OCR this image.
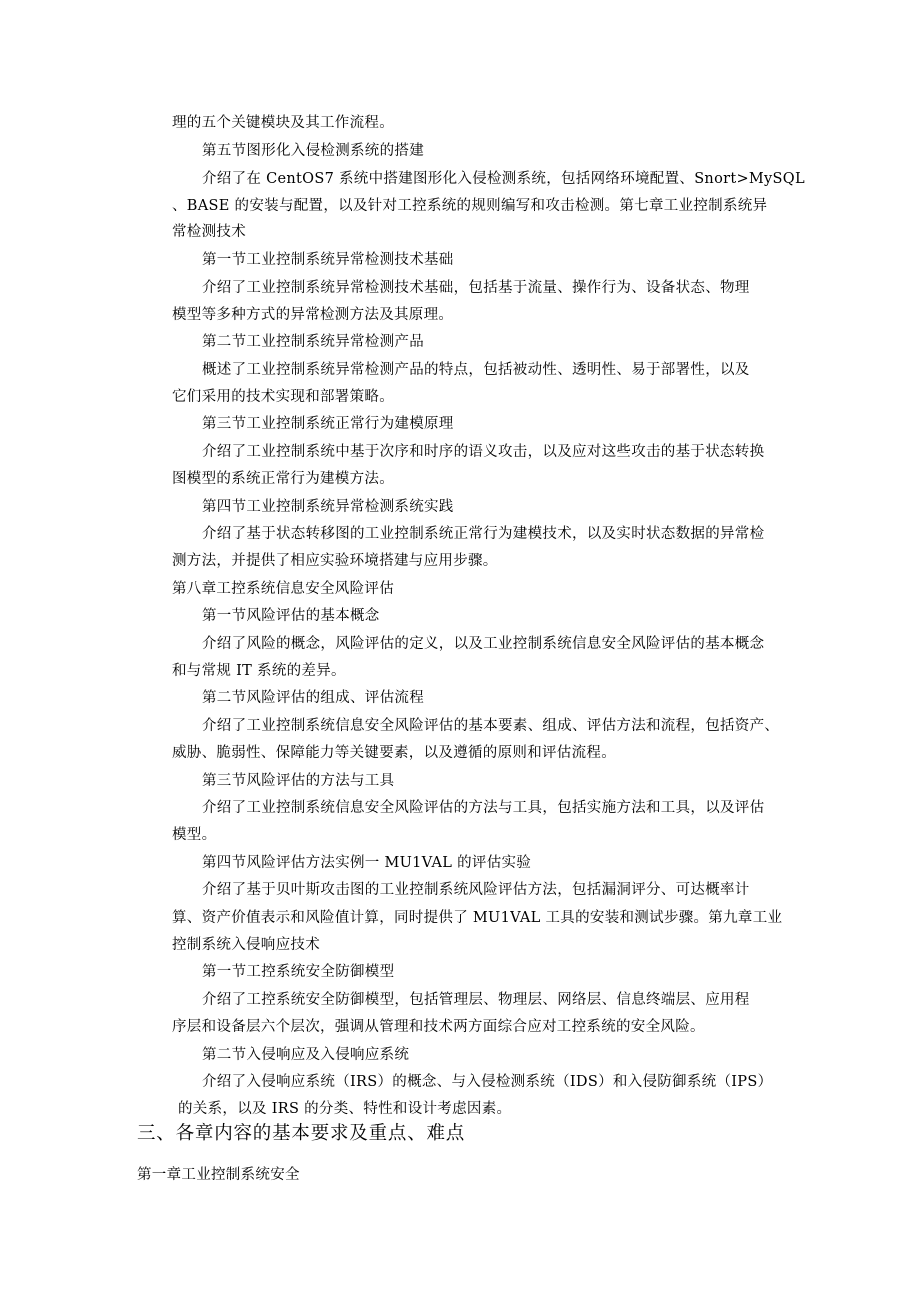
理的五个关键模块及其工作流程。
第五节图形化入侵检测系统的搭建
介绍了在 CentOS7 系统中搭建图形化入侵检测系统，包括网络环境配置、Snort>MySQL
、BASE 的安装与配置，以及针对工控系统的规则编写和攻击检测。第七章工业控制系统异
常检测技术
第一节工业控制系统异常检测技术基础
介绍了工业控制系统异常检测技术基础，包括基于流量、操作行为、设备状态、物理
模型等多种方式的异常检测方法及其原理。
第二节工业控制系统异常检测产品
概述了工业控制系统异常检测产品的特点，包括被动性、透明性、易于部署性，以及
它们采用的技术实现和部署策略。
第三节工业控制系统正常行为建模原理
介绍了工业控制系统中基于次序和时序的语义攻击，以及应对这些攻击的基于状态转换
图模型的系统正常行为建模方法。
第四节工业控制系统异常检测系统实践
介绍了基于状态转移图的工业控制系统正常行为建模技术，以及实时状态数据的异常检
测方法，并提供了相应实验环境搭建与应用步骤。
第八章工控系统信息安全风险评估
第一节风险评估的基本概念
介绍了风险的概念，风险评估的定义，以及工业控制系统信息安全风险评估的基本概念
和与常规 IT 系统的差异。
第二节风险评估的组成、评估流程
介绍了工业控制系统信息安全风险评估的基本要素、组成、评估方法和流程，包括资产、
威胁、脆弱性、保障能力等关键要素，以及遵循的原则和评估流程。
第三节风险评估的方法与工具
介绍了工业控制系统信息安全风险评估的方法与工具，包括实施方法和工具，以及评估
模型。
第四节风险评估方法实例一 MU1VAL 的评估实验
介绍了基于贝叶斯攻击图的工业控制系统风险评估方法，包括漏洞评分、可达概率计
算、资产价值表示和风险值计算，同时提供了 MU1VAL 工具的安装和测试步骤。第九章工业
控制系统入侵响应技术
第一节工控系统安全防御模型
介绍了工控系统安全防御模型，包括管理层、物理层、网络层、信息终端层、应用程
序层和设备层六个层次，强调从管理和技术两方面综合应对工控系统的安全风险。
第二节入侵响应及入侵响应系统
介绍了入侵响应系统（IRS）的概念、与入侵检测系统（IDS）和入侵防御系统（IPS）
的关系，以及 IRS 的分类、特性和设计考虑因素。
三、各章内容的基本要求及重点、难点
第一章工业控制系统安全
